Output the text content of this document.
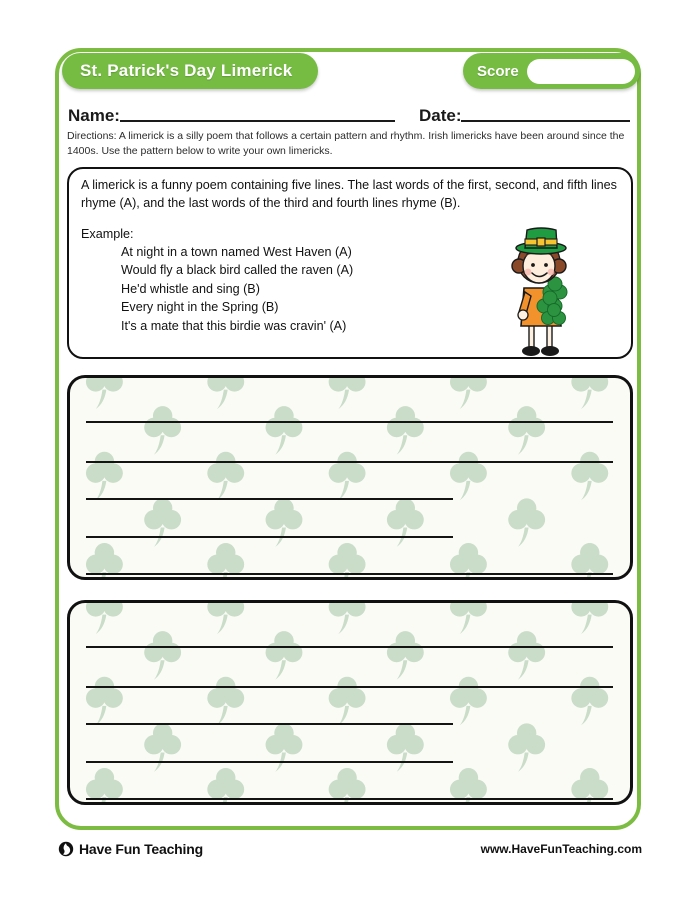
St. Patrick's Day Limerick	Score
Name:	Date:
Directions: A limerick is a silly poem that follows a certain pattern and rhythm. Irish limericks have been around since the 1400s. Use the pattern below to write your own limericks.
A limerick is a funny poem containing five lines. The last words of the first, second, and fifth lines rhyme (A), and the last words of the third and fourth lines rhyme (B).
Example:
At night in a town named West Haven (A)
Would fly a black bird called the raven (A)
He'd whistle and sing (B)
Every night in the Spring (B)
It's a mate that this birdie was cravin' (A)
Have Fun Teaching	www.HaveFunTeaching.com
